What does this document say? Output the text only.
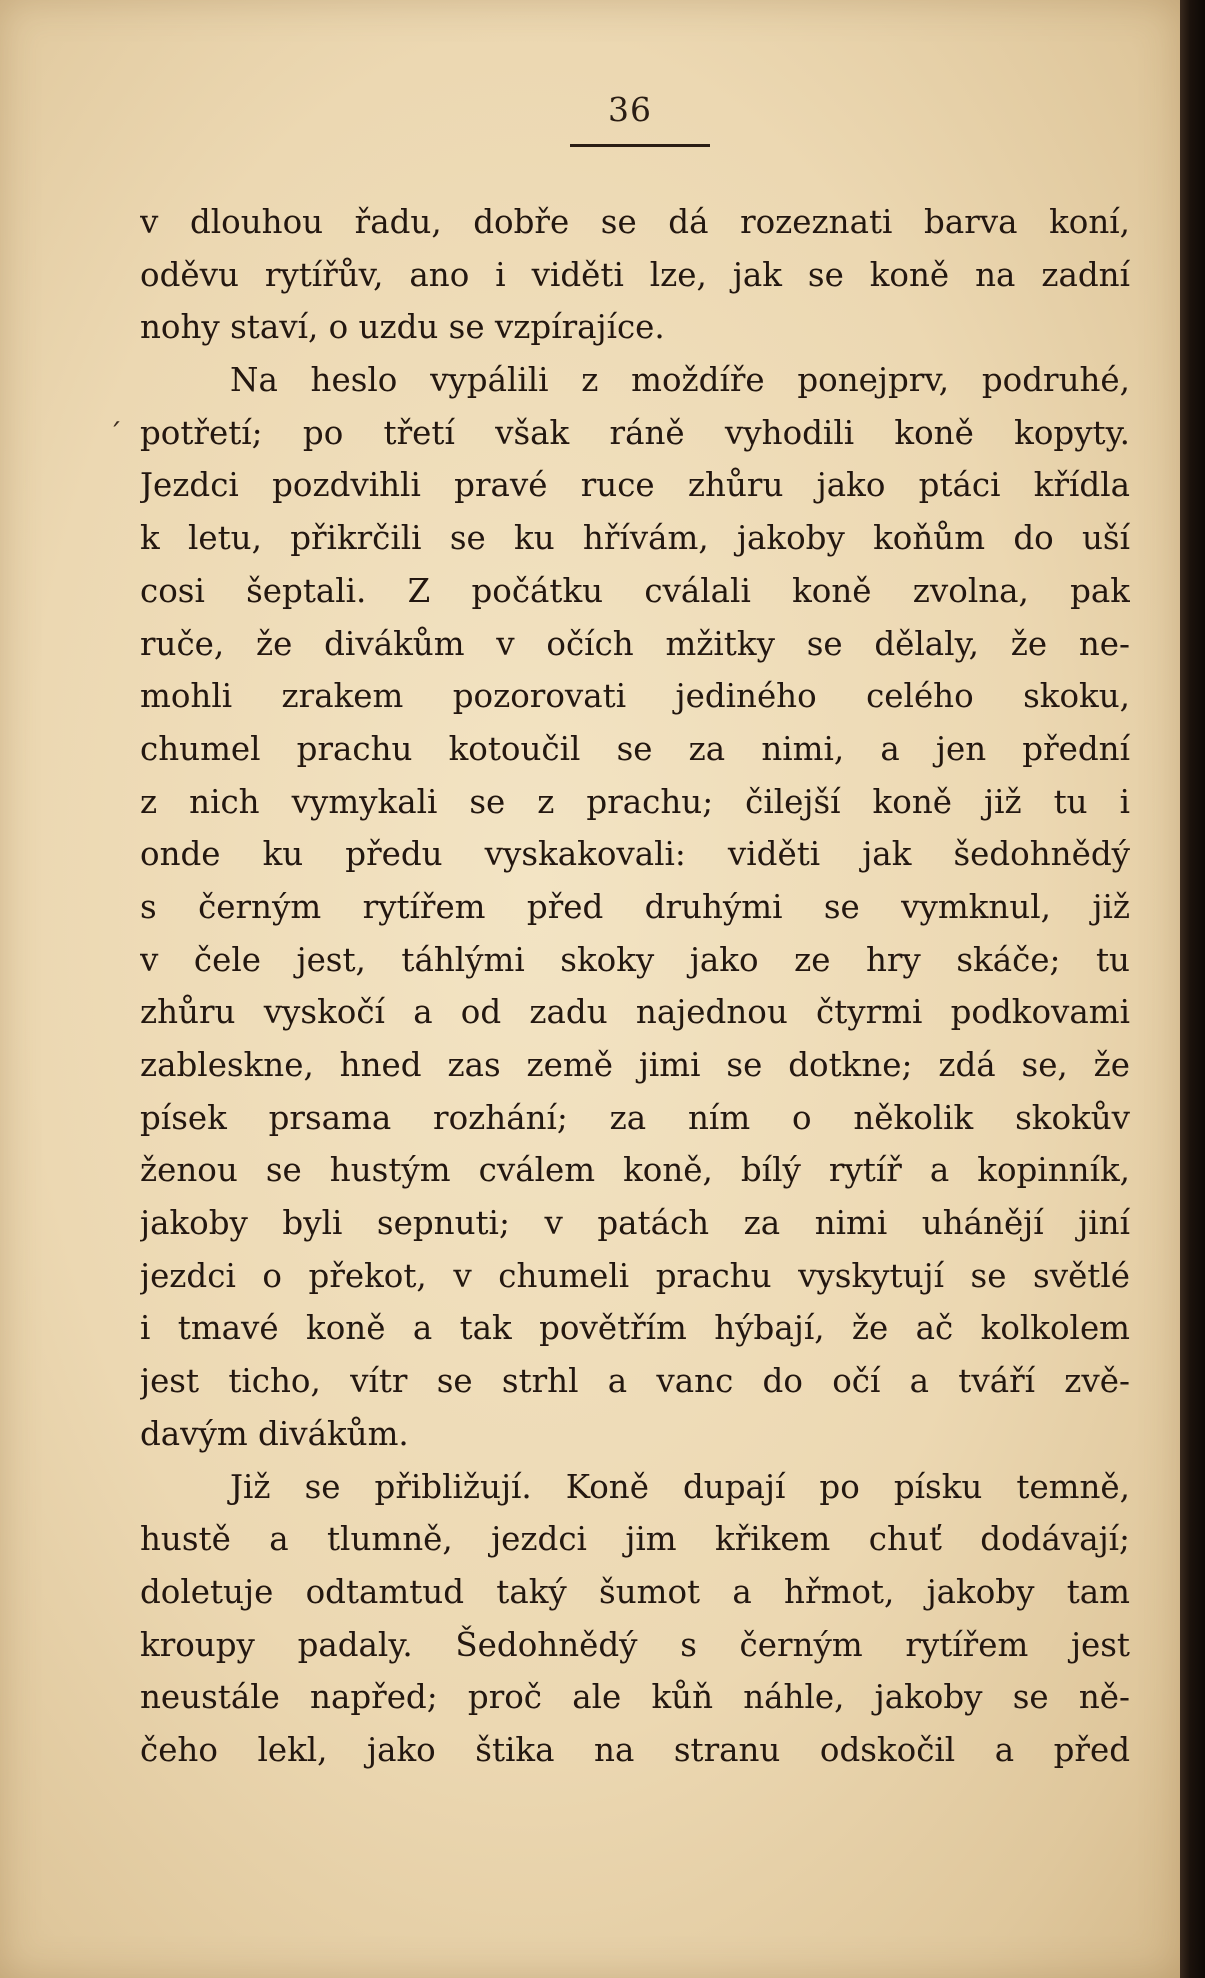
36
ˊ
v dlouhou řadu, dobře se dá rozeznati barva koní,
oděvu rytířův, ano i viděti lze, jak se koně na zadní
nohy staví, o uzdu se vzpírajíce.
Na heslo vypálili z moždíře ponejprv, podruhé,
potřetí; po třetí však ráně vyhodili koně kopyty.
Jezdci pozdvihli pravé ruce zhůru jako ptáci křídla
k letu, přikrčili se ku hřívám, jakoby koňům do uší
cosi šeptali. Z počátku cválali koně zvolna, pak
ruče, že divákům v očích mžitky se dělaly, že ne-
mohli zrakem pozorovati jediného celého skoku,
chumel prachu kotoučil se za nimi, a jen přední
z nich vymykali se z prachu; čilejší koně již tu i
onde ku předu vyskakovali: viděti jak šedohnědý
s černým rytířem před druhými se vymknul, již
v čele jest, táhlými skoky jako ze hry skáče; tu
zhůru vyskočí a od zadu najednou čtyrmi podkovami
zableskne, hned zas země jimi se dotkne; zdá se, že
písek prsama rozhání; za ním o několik skokův
ženou se hustým cválem koně, bílý rytíř a kopinník,
jakoby byli sepnuti; v patách za nimi uhánějí jiní
jezdci o překot, v chumeli prachu vyskytují se světlé
i tmavé koně a tak povětřím hýbají, že ač kolkolem
jest ticho, vítr se strhl a vanc do očí a tváří zvě-
davým divákům.
Již se přibližují. Koně dupají po písku temně,
hustě a tlumně, jezdci jim křikem chuť dodávají;
doletuje odtamtud taký šumot a hřmot, jakoby tam
kroupy padaly. Šedohnědý s černým rytířem jest
neustále napřed; proč ale kůň náhle, jakoby se ně-
čeho lekl, jako štika na stranu odskočil a před
